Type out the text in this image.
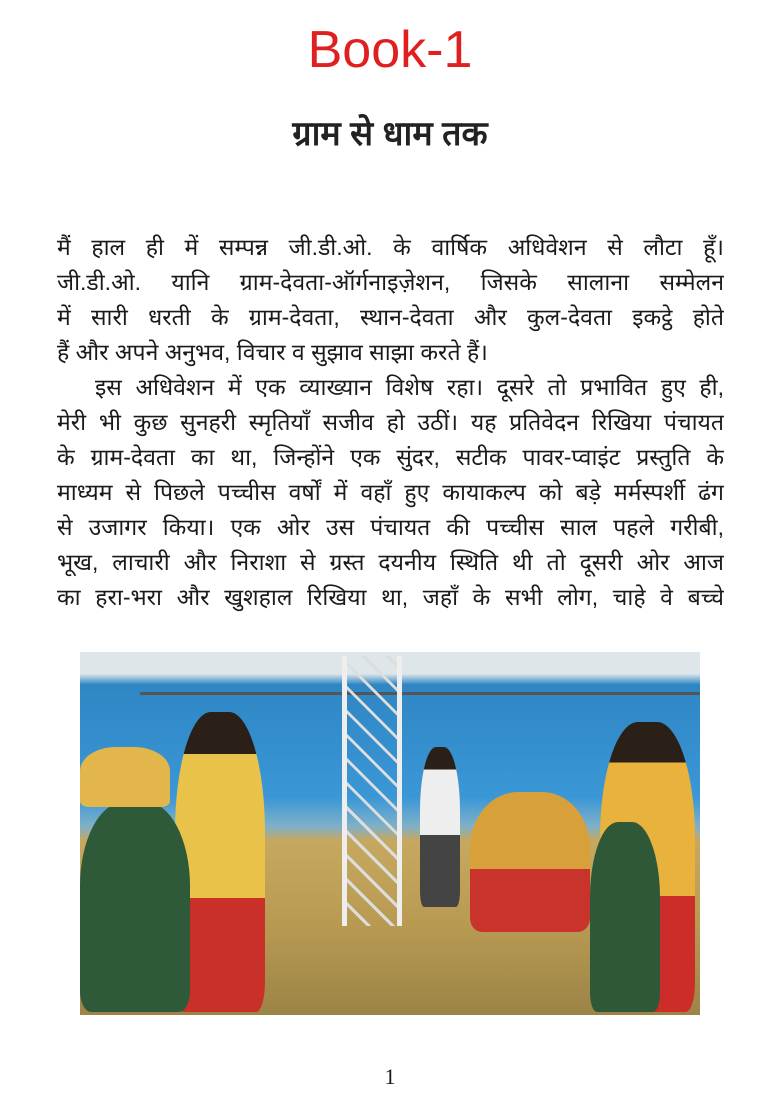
Book-1
ग्राम से धाम तक
मैं हाल ही में सम्पन्न जी.डी.ओ. के वार्षिक अधिवेशन से लौटा हूँ।
जी.डी.ओ. यानि ग्राम-देवता-ऑर्गनाइज़ेशन, जिसके सालाना सम्मेलन
में सारी धरती के ग्राम-देवता, स्थान-देवता और कुल-देवता इकट्ठे होते
हैं और अपने अनुभव, विचार व सुझाव साझा करते हैं।
इस अधिवेशन में एक व्याख्यान विशेष रहा। दूसरे तो प्रभावित हुए ही,
मेरी भी कुछ सुनहरी स्मृतियाँ सजीव हो उठीं। यह प्रतिवेदन रिखिया पंचायत
के ग्राम-देवता का था, जिन्होंने एक सुंदर, सटीक पावर-प्वाइंट प्रस्तुति के
माध्यम से पिछले पच्चीस वर्षों में वहाँ हुए कायाकल्प को बड़े मर्मस्पर्शी ढंग
से उजागर किया। एक ओर उस पंचायत की पच्चीस साल पहले गरीबी,
भूख, लाचारी और निराशा से ग्रस्त दयनीय स्थिति थी तो दूसरी ओर आज
का हरा-भरा और खुशहाल रिखिया था, जहाँ के सभी लोग, चाहे वे बच्चे
1
